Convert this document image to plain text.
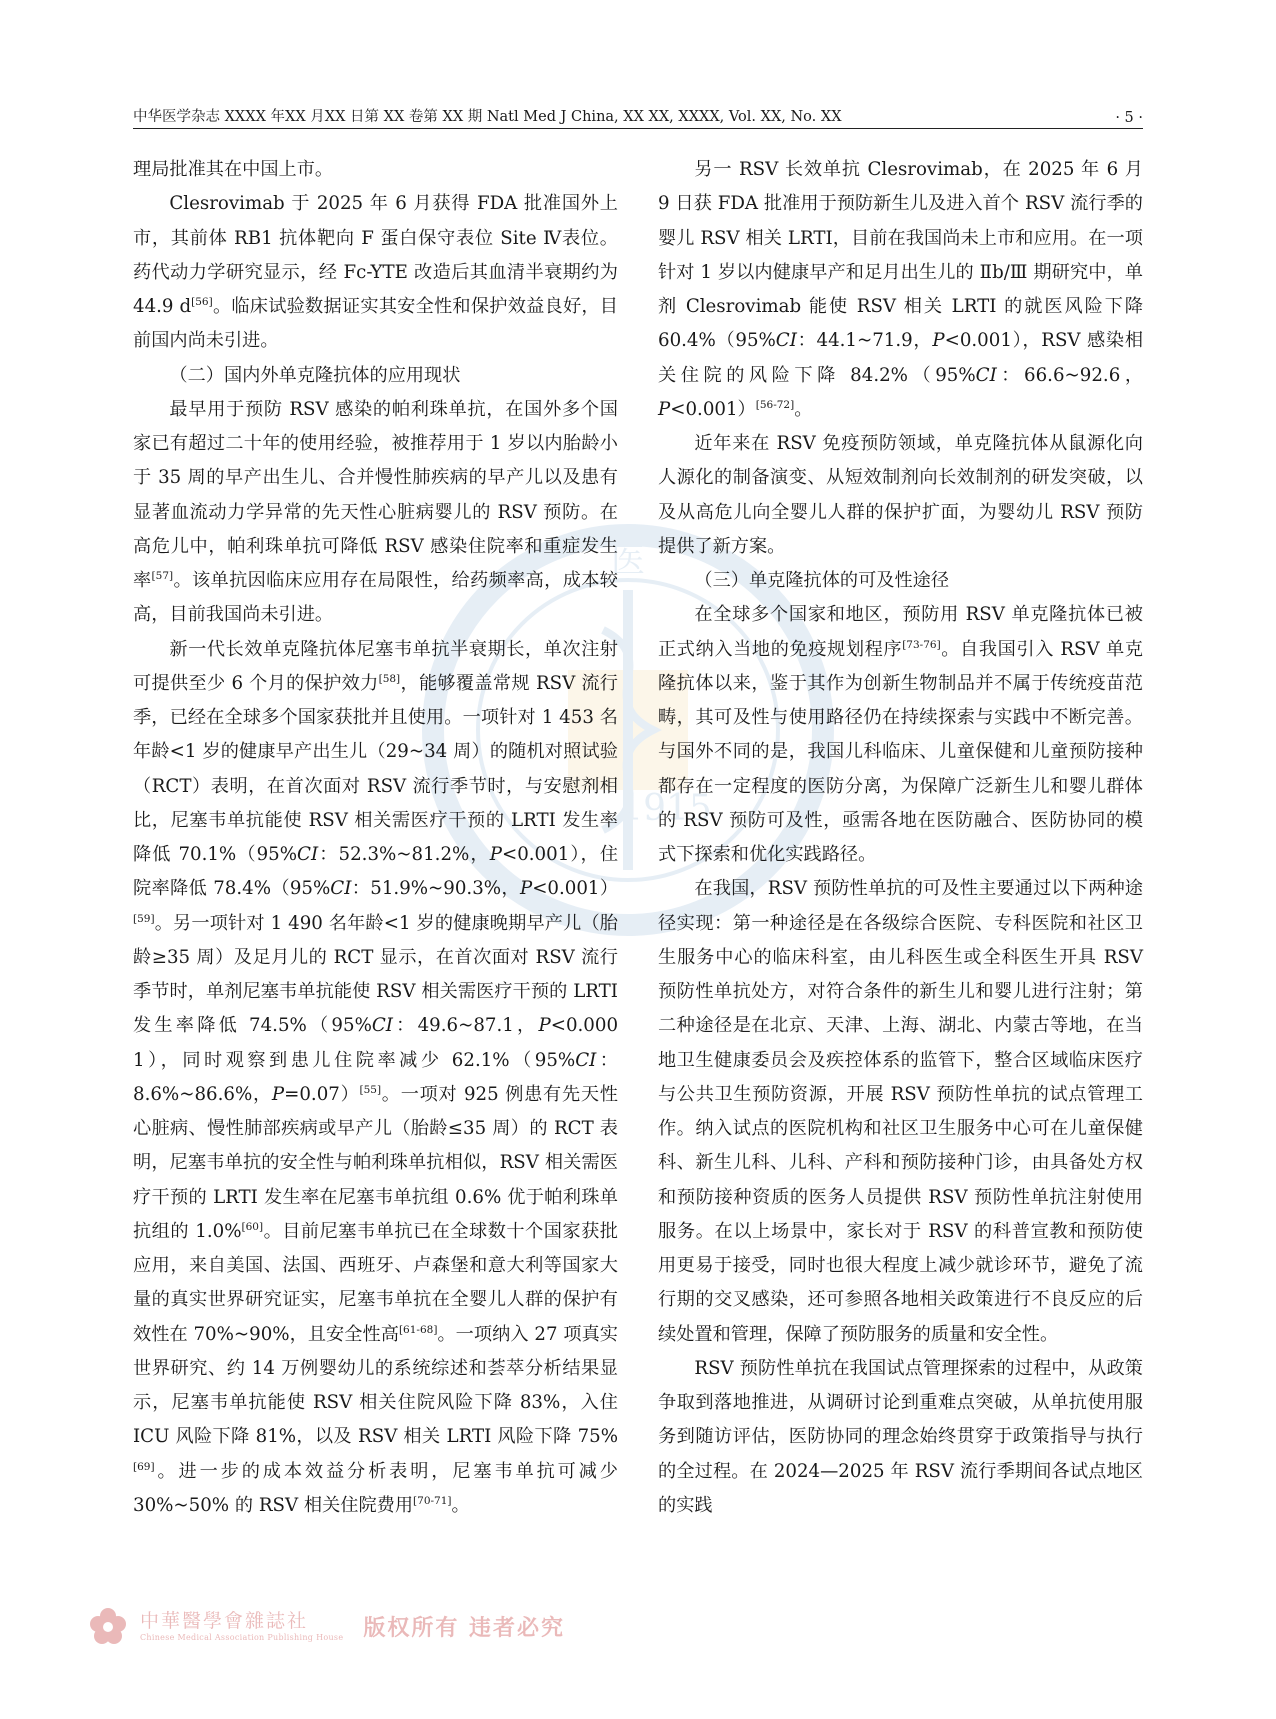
中华医学杂志 XXXX 年XX 月XX 日第 XX 卷第 XX 期 Natl Med J China, XX XX, XXXX, Vol. XX, No. XX	· 5 ·
医
1915

理局批准其在中国上市。

Clesrovimab 于 2025 年 6 月获得 FDA 批准国外上市，其前体 RB1 抗体靶向 F 蛋白保守表位 Site Ⅳ表位。药代动力学研究显示，经 Fc-YTE 改造后其血清半衰期约为 44.9 d[56]。临床试验数据证实其安全性和保护效益良好，目前国内尚未引进。

（二）国内外单克隆抗体的应用现状

最早用于预防 RSV 感染的帕利珠单抗，在国外多个国家已有超过二十年的使用经验，被推荐用于 1 岁以内胎龄小于 35 周的早产出生儿、合并慢性肺疾病的早产儿以及患有显著血流动力学异常的先天性心脏病婴儿的 RSV 预防。在高危儿中，帕利珠单抗可降低 RSV 感染住院率和重症发生率[57]。该单抗因临床应用存在局限性，给药频率高，成本较高，目前我国尚未引进。

新一代长效单克隆抗体尼塞韦单抗半衰期长，单次注射可提供至少 6 个月的保护效力[58]，能够覆盖常规 RSV 流行季，已经在全球多个国家获批并且使用。一项针对 1 453 名年龄<1 岁的健康早产出生儿（29~34 周）的随机对照试验（RCT）表明，在首次面对 RSV 流行季节时，与安慰剂相比，尼塞韦单抗能使 RSV 相关需医疗干预的 LRTI 发生率降低 70.1%（95%CI：52.3%~81.2%，P<0.001），住院率降低 78.4%（95%CI：51.9%~90.3%，P<0.001）[59]。另一项针对 1 490 名年龄<1 岁的健康晚期早产儿（胎龄≥35 周）及足月儿的 RCT 显示，在首次面对 RSV 流行季节时，单剂尼塞韦单抗能使 RSV 相关需医疗干预的 LRTI 发生率降低 74.5%（95%CI：49.6~87.1，P<0.000 1），同时观察到患儿住院率减少 62.1%（95%CI：8.6%~86.6%，P=0.07）[55]。一项对 925 例患有先天性心脏病、慢性肺部疾病或早产儿（胎龄≤35 周）的 RCT 表明，尼塞韦单抗的安全性与帕利珠单抗相似，RSV 相关需医疗干预的 LRTI 发生率在尼塞韦单抗组 0.6% 优于帕利珠单抗组的 1.0%[60]。目前尼塞韦单抗已在全球数十个国家获批应用，来自美国、法国、西班牙、卢森堡和意大利等国家大量的真实世界研究证实，尼塞韦单抗在全婴儿人群的保护有效性在 70%~90%，且安全性高[61-68]。一项纳入 27 项真实世界研究、约 14 万例婴幼儿的系统综述和荟萃分析结果显示，尼塞韦单抗能使 RSV 相关住院风险下降 83%，入住 ICU 风险下降 81%，以及 RSV 相关 LRTI 风险下降 75%[69]。进一步的成本效益分析表明，尼塞韦单抗可减少 30%~50% 的 RSV 相关住院费用[70-71]。

另一 RSV 长效单抗 Clesrovimab，在 2025 年 6 月 9 日获 FDA 批准用于预防新生儿及进入首个 RSV 流行季的婴儿 RSV 相关 LRTI，目前在我国尚未上市和应用。在一项针对 1 岁以内健康早产和足月出生儿的 Ⅱb/Ⅲ 期研究中，单剂 Clesrovimab 能使 RSV 相关 LRTI 的就医风险下降 60.4%（95%CI：44.1~71.9，P<0.001），RSV 感染相关住院的风险下降 84.2%（95%CI：66.6~92.6，P<0.001）[56-72]。

近年来在 RSV 免疫预防领域，单克隆抗体从鼠源化向人源化的制备演变、从短效制剂向长效制剂的研发突破，以及从高危儿向全婴儿人群的保护扩面，为婴幼儿 RSV 预防提供了新方案。

（三）单克隆抗体的可及性途径

在全球多个国家和地区，预防用 RSV 单克隆抗体已被正式纳入当地的免疫规划程序[73-76]。自我国引入 RSV 单克隆抗体以来，鉴于其作为创新生物制品并不属于传统疫苗范畴，其可及性与使用路径仍在持续探索与实践中不断完善。与国外不同的是，我国儿科临床、儿童保健和儿童预防接种都存在一定程度的医防分离，为保障广泛新生儿和婴儿群体的 RSV 预防可及性，亟需各地在医防融合、医防协同的模式下探索和优化实践路径。

在我国，RSV 预防性单抗的可及性主要通过以下两种途径实现：第一种途径是在各级综合医院、专科医院和社区卫生服务中心的临床科室，由儿科医生或全科医生开具 RSV 预防性单抗处方，对符合条件的新生儿和婴儿进行注射；第二种途径是在北京、天津、上海、湖北、内蒙古等地，在当地卫生健康委员会及疾控体系的监管下，整合区域临床医疗与公共卫生预防资源，开展 RSV 预防性单抗的试点管理工作。纳入试点的医院机构和社区卫生服务中心可在儿童保健科、新生儿科、儿科、产科和预防接种门诊，由具备处方权和预防接种资质的医务人员提供 RSV 预防性单抗注射使用服务。在以上场景中，家长对于 RSV 的科普宣教和预防使用更易于接受，同时也很大程度上减少就诊环节，避免了流行期的交叉感染，还可参照各地相关政策进行不良反应的后续处置和管理，保障了预防服务的质量和安全性。

RSV 预防性单抗在我国试点管理探索的过程中，从政策争取到落地推进，从调研讨论到重难点突破，从单抗使用服务到随访评估，医防协同的理念始终贯穿于政策指导与执行的全过程。在 2024—2025 年 RSV 流行季期间各试点地区的实践

中華醫學會雜誌社
Chinese Medical Association Publishing House 版权所有 违者必究
